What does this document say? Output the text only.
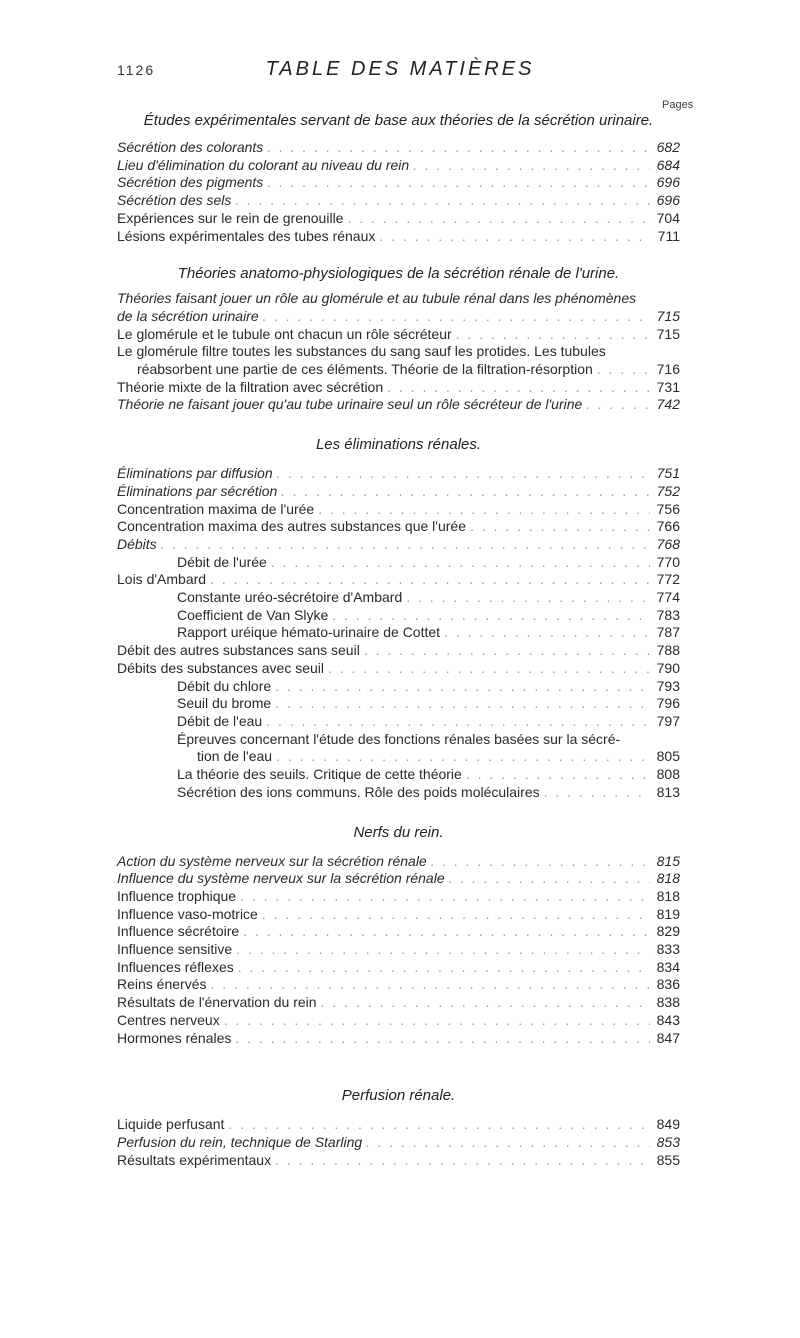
1126	TABLE DES MATIÈRES
Pages
Études expérimentales servant de base aux théories de la sécrétion urinaire.
Sécrétion des colorants . . .	682
Lieu d'élimination du colorant au niveau du rein . . .	684
Sécrétion des pigments . . .	696
Sécrétion des sels . . .	696
Expériences sur le rein de grenouille . . .	704
Lésions expérimentales des tubes rénaux . . .	711
Théories anatomo-physiologiques de la sécrétion rénale de l'urine.
Théories faisant jouer un rôle au glomérule et au tubule rénal dans les phénomènes
de la sécrétion urinaire . . .	715
Le glomérule et le tubule ont chacun un rôle sécréteur . . .	715
Le glomérule filtre toutes les substances du sang sauf les protides. Les tubules
réabsorbent une partie de ces éléments. Théorie de la filtration-résorption . . .	716
Théorie mixte de la filtration avec sécrétion . . .	731
Théorie ne faisant jouer qu'au tube urinaire seul un rôle sécréteur de l'urine . . .	742
Les éliminations rénales.
Éliminations par diffusion . . .	751
Éliminations par sécrétion . . .	752
Concentration maxima de l'urée . . .	756
Concentration maxima des autres substances que l'urée . . .	766
Débits . . .	768
Débit de l'urée . . .	770
Lois d'Ambard . . .	772
Constante uréo-sécrétoire d'Ambard . . .	774
Coefficient de Van Slyke . . .	783
Rapport uréique hémato-urinaire de Cottet . . .	787
Débit des autres substances sans seuil . . .	788
Débits des substances avec seuil . . .	790
Débit du chlore . . .	793
Seuil du brome . . .	796
Débit de l'eau . . .	797
Épreuves concernant l'étude des fonctions rénales basées sur la sécré-
tion de l'eau . . .	805
La théorie des seuils. Critique de cette théorie . . .	808
Sécrétion des ions communs. Rôle des poids moléculaires . . .	813
Nerfs du rein.
Action du système nerveux sur la sécrétion rénale . . .	815
Influence du système nerveux sur la sécrétion rénale . . .	818
Influence trophique . . .	818
Influence vaso-motrice . . .	819
Influence sécrétoire . . .	829
Influence sensitive . . .	833
Influences réflexes . . .	834
Reins énervés . . .	836
Résultats de l'énervation du rein . . .	838
Centres nerveux . . .	843
Hormones rénales . . .	847
Perfusion rénale.
Liquide perfusant . . .	849
Perfusion du rein, technique de Starling . . .	853
Résultats expérimentaux . . .	855
